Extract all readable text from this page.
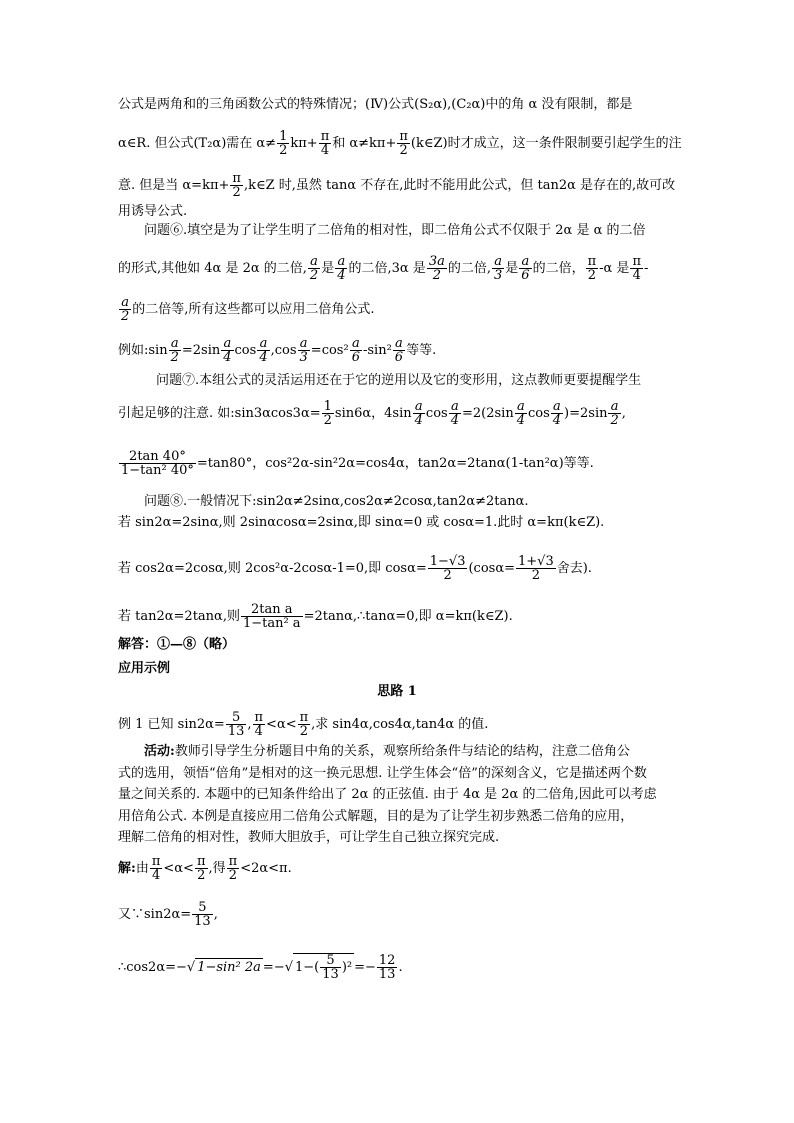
公式是两角和的三角函数公式的特殊情况；(Ⅳ)公式(S₂α),(C₂α)中的角 α 没有限制，都是
α∈R. 但公式(T₂α)需在 $\alpha\ne \frac{1}{2} k\pi+ \frac{\pi}{4}$ 和 $\alpha\ne k\pi+ \frac{\pi}{2}$ (k∈Z)时才成立，这一条件限制要引起学生的注
意. 但是当 $\alpha=k\pi+ \frac{\pi}{2}$ ,k∈Z 时,虽然 tanα 不存在,此时不能用此公式，但 tan2α 是存在的,故可改
用诱导公式.
问题⑥.填空是为了让学生明了二倍角的相对性，即二倍角公式不仅限于 2α 是 α 的二倍
的形式,其他如 4α 是 2α 的二倍, $\frac{a}{2}$ 是 $\frac{a}{4}$ 的二倍,3α 是 $\frac{3a}{2}$ 的二倍, $\frac{a}{3}$ 是 $\frac{a}{6}$ 的二倍， $\frac{\pi}{2} -\alpha$ 是 $\frac{\pi}{4}$ -
$\frac{a}{2}$ 的二倍等,所有这些都可以应用二倍角公式.
例如:sin $\frac{a}{2} =2\sin \frac{a}{4}$ $\cos \frac{a}{4} ,\cos \frac{a}{3} =\cos^2 \frac{a}{6} -\sin^2 \frac{a}{6}$ 等等.
问题⑦.本组公式的灵活运用还在于它的逆用以及它的变形用，这点教师更要提醒学生
引起足够的注意. 如:sin3αcos3α= $\frac{1}{2} \sin 6\alpha$，$4\sin \frac{a}{4}$ $\cos \frac{a}{4} =2(2\sin \frac{a}{4}$ $\cos \frac{a}{4} )=2\sin \frac{a}{2}$ ,
$\frac{2\tan 40^\circ}{\text{1−tan² 40°}} =\tan 80^\circ$，cos²2α-sin²2α=cos4α，tan2α=2tanα(1-tan²α)等等.
问题⑧.一般情况下:sin2α≠2sinα,cos2α≠2cosα,tan2α≠2tanα.
若 sin2α=2sinα,则 2sinαcosα=2sinα,即 sinα=0 或 cosα=1.此时 α=kπ(k∈Z).
若 cos2α=2cosα,则 2cos²α-2cosα-1=0,即 $\cos\alpha= \frac{1-√3}{2} (\cos\alpha= \frac{1+√3}{2}$ 舍去).
若 tan2α=2tanα,则 $\frac{\text{2tan a}}{\text{1−tan² a}}$ =2tanα,∴tanα=0,即 α=kπ(k∈Z).
解答：①—⑧（略）
应用示例
思路 1
例 1 已知 $\sin 2\alpha= \frac{5}{13}$ , $\frac{\pi}{4} <\alpha< \frac{\pi}{2}$ ,求 sin4α,cos4α,tan4α 的值.
活动:教师引导学生分析题目中角的关系，观察所给条件与结论的结构，注意二倍角公
式的选用，领悟“倍角”是相对的这一换元思想. 让学生体会“倍”的深刻含义，它是描述两个数
量之间关系的. 本题中的已知条件给出了 2α 的正弦值. 由于 4α 是 2α 的二倍角,因此可以考虑
用倍角公式. 本例是直接应用二倍角公式解题，目的是为了让学生初步熟悉二倍角的应用，
理解二倍角的相对性，教师大胆放手，可让学生自己独立探究完成.
解:由 $\frac{\pi}{4} <\alpha< \frac{\pi}{2}$ ,得 $\frac{\pi}{2} <2\alpha<\pi$.
又∵sin2α= $\frac{5}{13}$ ,
∴cos2α=−√ 1−sin² 2a =−√ $1-( \frac{5}{13} )^2 =- \frac{12}{13}$ .
